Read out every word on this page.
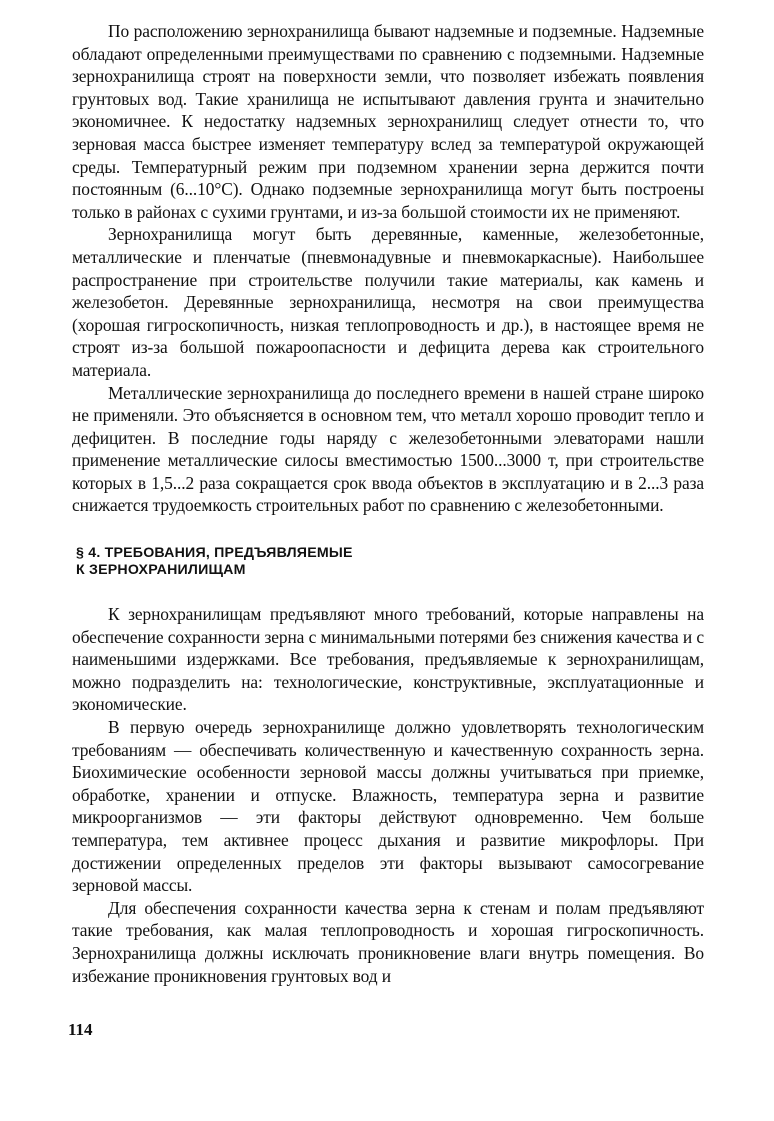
По расположению зернохранилища бывают надземные и подземные. Надземные обладают определенными преимуществами по сравнению с подземными. Надземные зернохранилища строят на поверхности земли, что позволяет избежать появления грунтовых вод. Такие хранилища не испытывают давления грунта и значительно экономичнее. К недостатку надземных зернохранилищ следует отнести то, что зерновая масса быстрее изменяет температуру вслед за температурой окружающей среды. Температурный режим при подземном хранении зерна держится почти постоянным (6...10°С). Однако подземные зернохранилища могут быть построены только в районах с сухими грунтами, и из-за большой стоимости их не применяют.

Зернохранилища могут быть деревянные, каменные, железобетонные, металлические и пленчатые (пневмонадувные и пневмокаркасные). Наибольшее распространение при строительстве получили такие материалы, как камень и железобетон. Деревянные зернохранилища, несмотря на свои преимущества (хорошая гигроскопичность, низкая теплопроводность и др.), в настоящее время не строят из-за большой пожароопасности и дефицита дерева как строительного материала.

Металлические зернохранилища до последнего времени в нашей стране широко не применяли. Это объясняется в основном тем, что металл хорошо проводит тепло и дефицитен. В последние годы наряду с железобетонными элеваторами нашли применение металлические силосы вместимостью 1500...3000 т, при строительстве которых в 1,5...2 раза сокращается срок ввода объектов в эксплуатацию и в 2...3 раза снижается трудоемкость строительных работ по сравнению с железобетонными.

§ 4. ТРЕБОВАНИЯ, ПРЕДЪЯВЛЯЕМЫЕ
К ЗЕРНОХРАНИЛИЩАМ

К зернохранилищам предъявляют много требований, которые направлены на обеспечение сохранности зерна с минимальными потерями без снижения качества и с наименьшими издержками. Все требования, предъявляемые к зернохранилищам, можно подразделить на: технологические, конструктивные, эксплуатационные и экономические.

В первую очередь зернохранилище должно удовлетворять технологическим требованиям — обеспечивать количественную и качественную сохранность зерна. Биохимические особенности зерновой массы должны учитываться при приемке, обработке, хранении и отпуске. Влажность, температура зерна и развитие микроорганизмов — эти факторы действуют одновременно. Чем больше температура, тем активнее процесс дыхания и развитие микрофлоры. При достижении определенных пределов эти факторы вызывают самосогревание зерновой массы.

Для обеспечения сохранности качества зерна к стенам и полам предъявляют такие требования, как малая теплопроводность и хорошая гигроскопичность. Зернохранилища должны исключать проникновение влаги внутрь помещения. Во избежание проникновения грунтовых вод и

114
